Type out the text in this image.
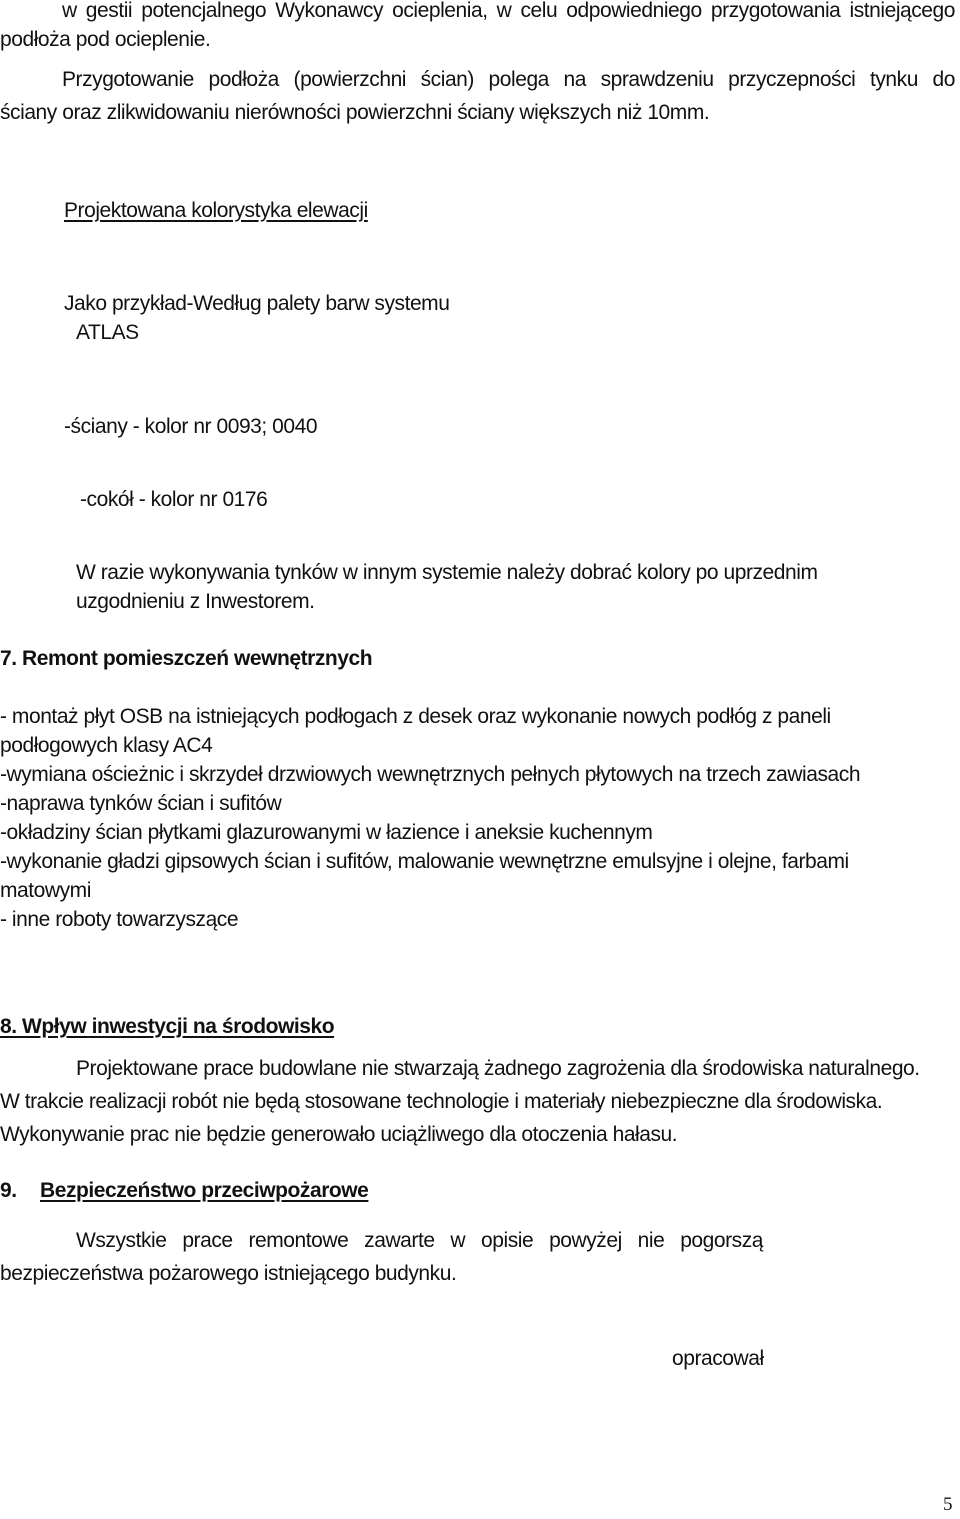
w gestii potencjalnego Wykonawcy ocieplenia, w celu odpowiedniego przygotowania istniejącego
podłoża pod ocieplenie.
Przygotowanie podłoża (powierzchni ścian) polega na sprawdzeniu przyczepności tynku do
ściany oraz zlikwidowaniu nierówności powierzchni ściany większych niż 10mm.
Projektowana kolorystyka elewacji
Jako przykład-Według palety barw systemu
ATLAS
-ściany - kolor nr 0093; 0040
-cokół - kolor nr 0176
W razie wykonywania tynków w innym systemie należy dobrać kolory po uprzednim
uzgodnieniu z Inwestorem.
7. Remont pomieszczeń wewnętrznych
- montaż płyt OSB na istniejących podłogach z desek oraz wykonanie nowych podłóg z paneli
podłogowych klasy AC4
-wymiana ościeżnic i skrzydeł drzwiowych wewnętrznych pełnych płytowych na trzech zawiasach
-naprawa tynków ścian i sufitów
-okładziny ścian płytkami glazurowanymi w łazience i aneksie kuchennym
-wykonanie gładzi gipsowych ścian i sufitów, malowanie wewnętrzne emulsyjne i olejne, farbami
matowymi
- inne roboty towarzyszące
8. Wpływ inwestycji na środowisko
Projektowane prace budowlane nie stwarzają żadnego zagrożenia dla środowiska naturalnego.
W trakcie realizacji robót nie będą stosowane technologie i materiały niebezpieczne dla środowiska.
Wykonywanie prac nie będzie generowało uciążliwego dla otoczenia hałasu.
9. Bezpieczeństwo przeciwpożarowe
Wszystkie prace remontowe zawarte w opisie powyżej nie pogorszą
bezpieczeństwa pożarowego istniejącego budynku.
opracował
5
